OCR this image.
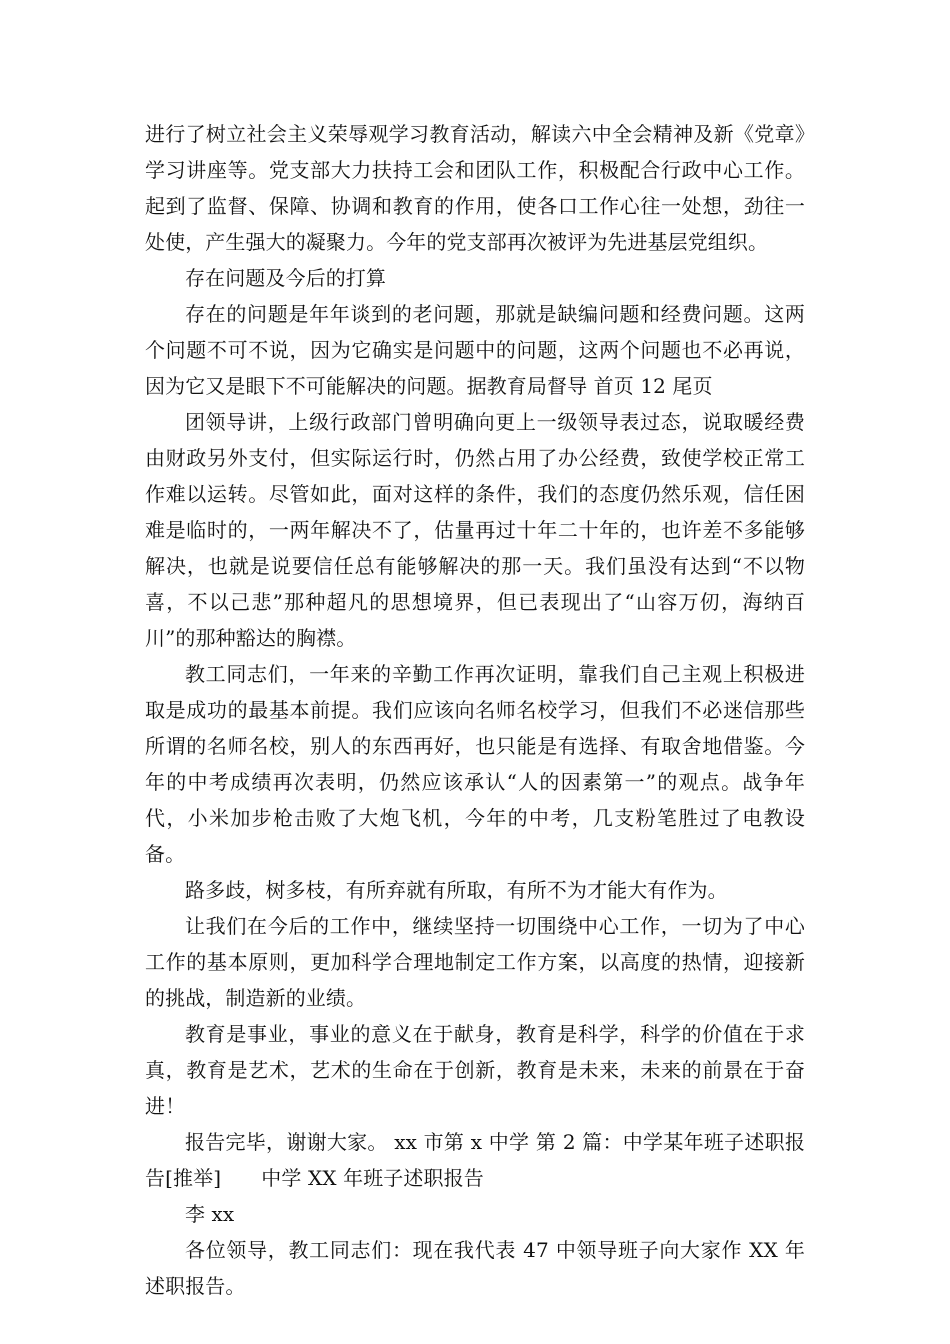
进行了树立社会主义荣辱观学习教育活动，解读六中全会精神及新《党章》学习讲座等。党支部大力扶持工会和团队工作，积极配合行政中心工作。起到了监督、保障、协调和教育的作用，使各口工作心往一处想，劲往一处使，产生强大的凝聚力。今年的党支部再次被评为先进基层党组织。

存在问题及今后的打算

存在的问题是年年谈到的老问题，那就是缺编问题和经费问题。这两个问题不可不说，因为它确实是问题中的问题，这两个问题也不必再说，因为它又是眼下不可能解决的问题。据教育局督导 首页 12 尾页

团领导讲，上级行政部门曾明确向更上一级领导表过态，说取暖经费由财政另外支付，但实际运行时，仍然占用了办公经费，致使学校正常工作难以运转。尽管如此，面对这样的条件，我们的态度仍然乐观，信任困难是临时的，一两年解决不了，估量再过十年二十年的，也许差不多能够解决，也就是说要信任总有能够解决的那一天。我们虽没有达到“不以物喜，不以己悲”那种超凡的思想境界，但已表现出了“山容万仞，海纳百川”的那种豁达的胸襟。

教工同志们，一年来的辛勤工作再次证明，靠我们自己主观上积极进取是成功的最基本前提。我们应该向名师名校学习，但我们不必迷信那些所谓的名师名校，别人的东西再好，也只能是有选择、有取舍地借鉴。今年的中考成绩再次表明，仍然应该承认“人的因素第一”的观点。战争年代，小米加步枪击败了大炮飞机，今年的中考，几支粉笔胜过了电教设备。

路多歧，树多枝，有所弃就有所取，有所不为才能大有作为。

让我们在今后的工作中，继续坚持一切围绕中心工作，一切为了中心工作的基本原则，更加科学合理地制定工作方案，以高度的热情，迎接新的挑战，制造新的业绩。

教育是事业，事业的意义在于献身，教育是科学，科学的价值在于求真，教育是艺术，艺术的生命在于创新，教育是未来，未来的前景在于奋进！

报告完毕，谢谢大家。 xx 市第 x 中学 第 2 篇：中学某年班子述职报告[推举]　　中学 XX 年班子述职报告

李 xx

各位领导，教工同志们：现在我代表 47 中领导班子向大家作 XX 年述职报告。
